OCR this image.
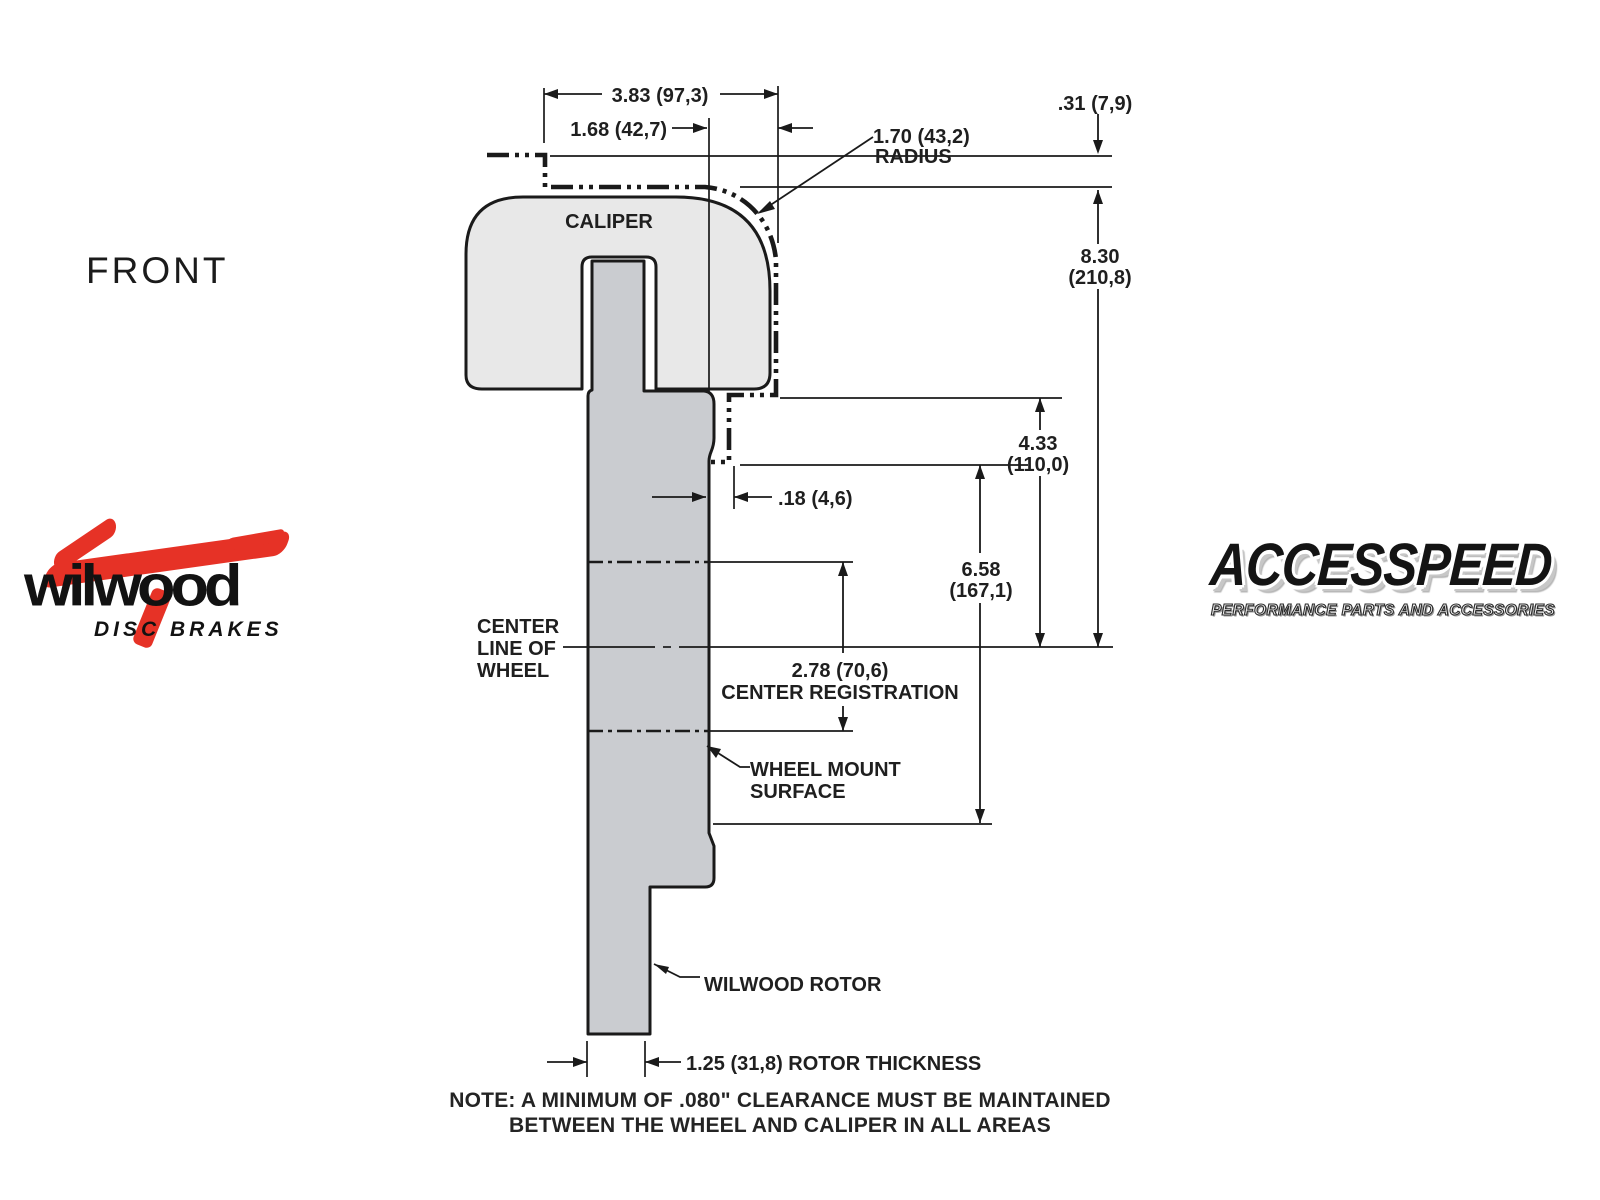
3.83 (97,3)
1.68 (42,7)	1.70 (43,2)
RADIUS
.31 (7,9)
8.30
(210,8)
4.33
(110,0)
6.58
(167,1)
.18 (4,6)
2.78 (70,6)
CENTER REGISTRATION
1.25 (31,8) ROTOR THICKNESS
CALIPER
CENTER
LINE OF
WHEEL
WHEEL MOUNT
SURFACE
WILWOOD ROTOR
FRONT
wilwood
DISC BRAKES
ACCESSPEED
PERFORMANCE PARTS AND ACCESSORIES
NOTE: A MINIMUM OF .080" CLEARANCE MUST BE MAINTAINED
BETWEEN THE WHEEL AND CALIPER IN ALL AREAS
